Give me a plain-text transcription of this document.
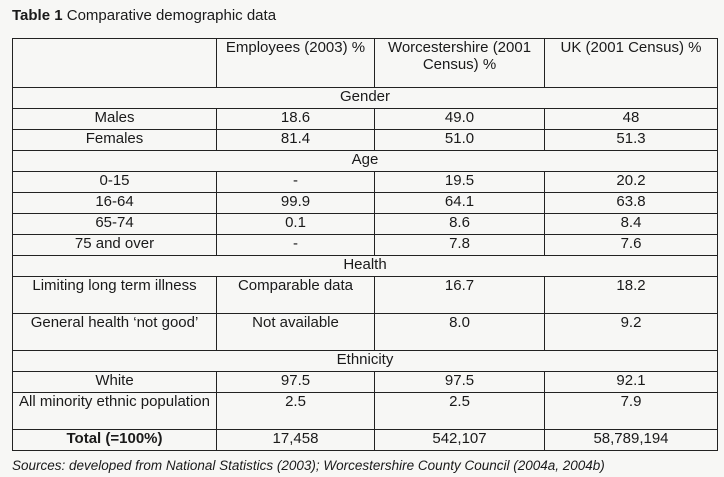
Table 1 Comparative demographic data
	Employees (2003) %	Worcestershire (2001 Census) %	UK (2001 Census) %
Gender			
Males	18.6	49.0	48
Females	81.4	51.0	51.3
Age			
0-15	-	19.5	20.2
16-64	99.9	64.1	63.8
65-74	0.1	8.6	8.4
75 and over	-	7.8	7.6
Health			
Limiting long term illness	Comparable data	16.7	18.2
General health ‘not good’	Not available	8.0	9.2
Ethnicity			
White	97.5	97.5	92.1
All minority ethnic population	2.5	2.5	7.9
Total (=100%)	17,458	542,107	58,789,194
Sources: developed from National Statistics (2003); Worcestershire County Council (2004a, 2004b)
